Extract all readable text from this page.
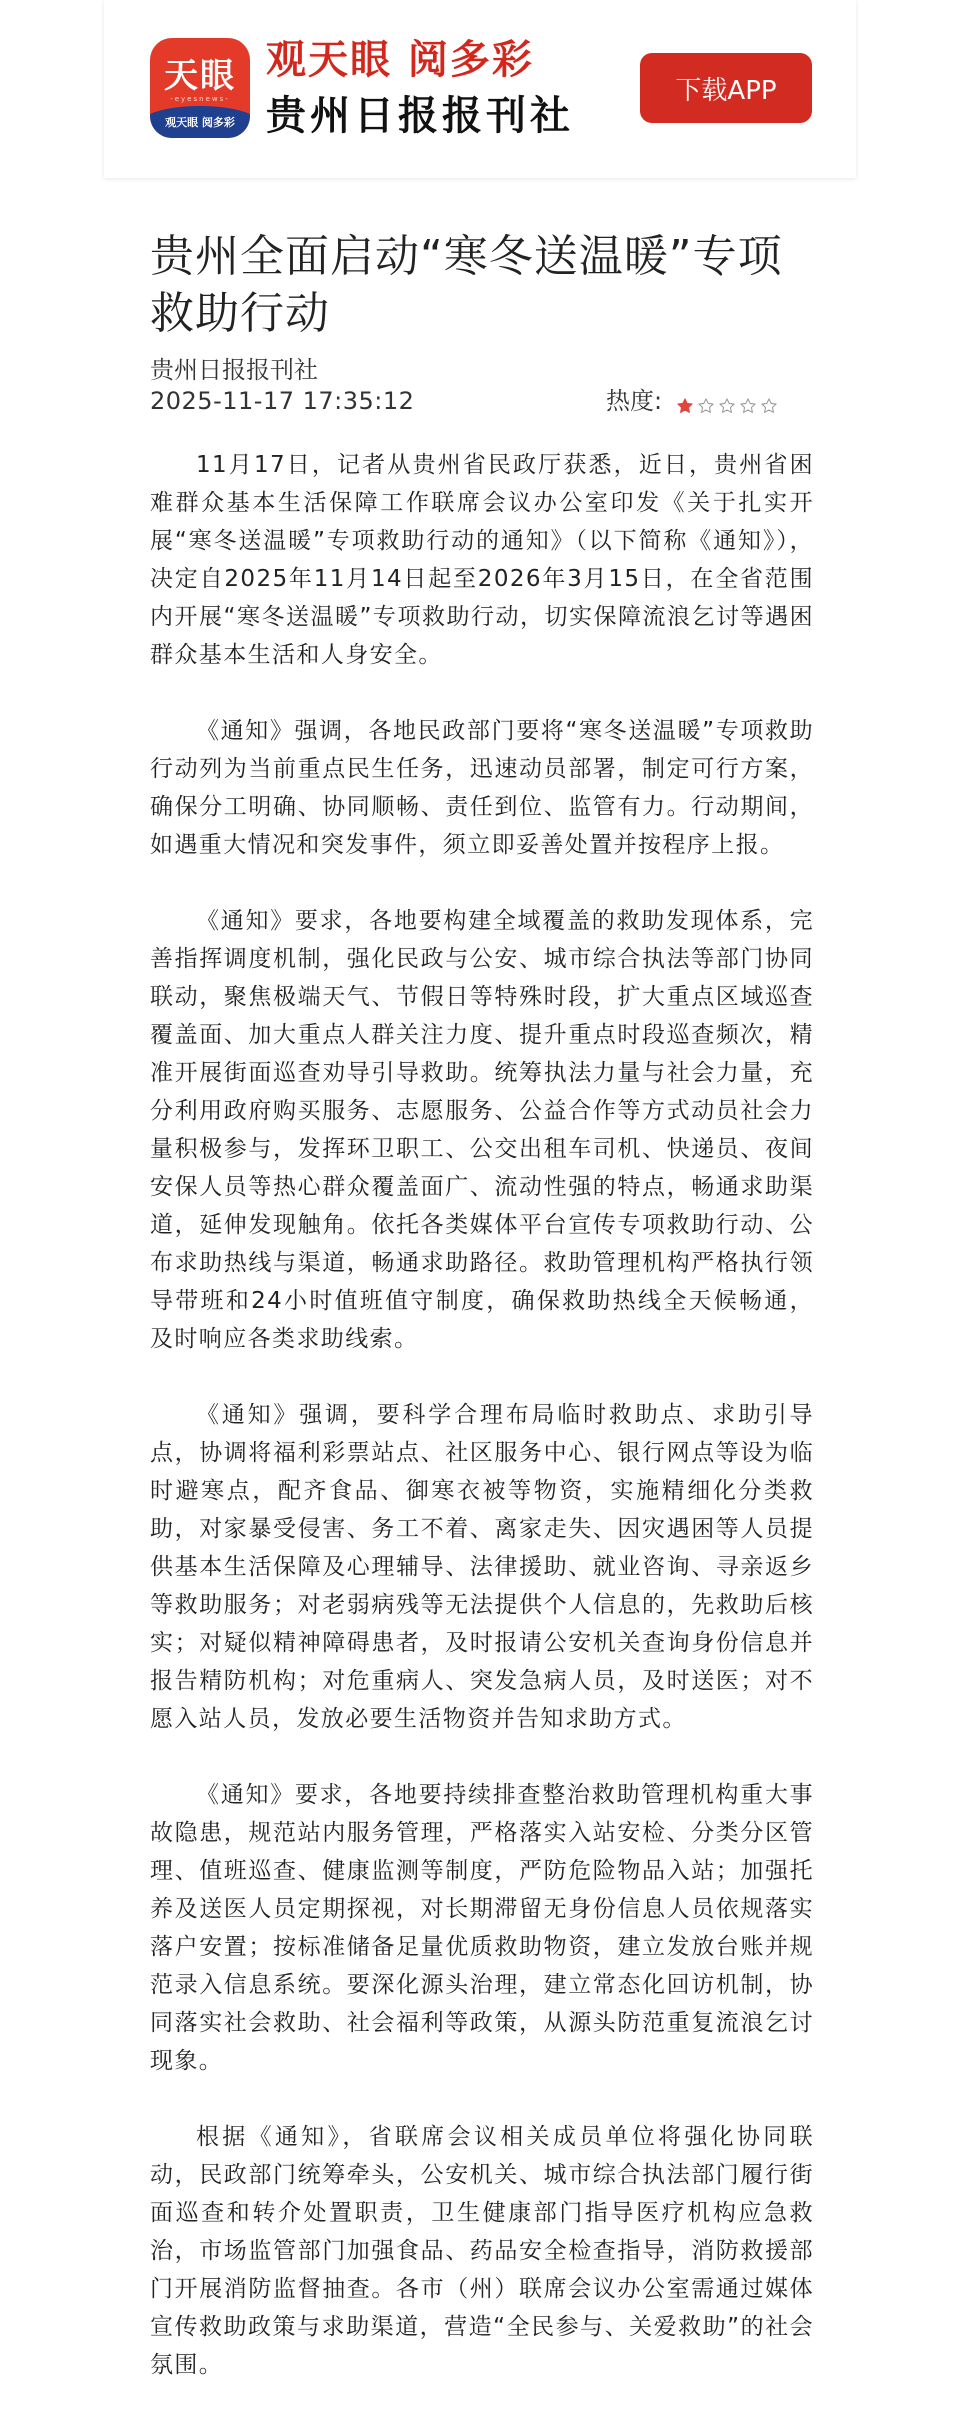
天眼
-eyesnews-
观天眼 阅多彩
观天眼 阅多彩
贵州日报报刊社
下载APP
贵州全面启动“寒冬送温暖”专项救助行动
贵州日报报刊社
2025-11-17 17:35:12	热度:

11月17日，记者从贵州省民政厅获悉，近日，贵州省困难群众基本生活保障工作联席会议办公室印发《关于扎实开展“寒冬送温暖”专项救助行动的通知》（以下简称《通知》），决定自2025年11月14日起至2026年3月15日，在全省范围内开展“寒冬送温暖”专项救助行动，切实保障流浪乞讨等遇困群众基本生活和人身安全。

《通知》强调，各地民政部门要将“寒冬送温暖”专项救助行动列为当前重点民生任务，迅速动员部署，制定可行方案，确保分工明确、协同顺畅、责任到位、监管有力。行动期间，如遇重大情况和突发事件，须立即妥善处置并按程序上报。

《通知》要求，各地要构建全域覆盖的救助发现体系，完善指挥调度机制，强化民政与公安、城市综合执法等部门协同联动，聚焦极端天气、节假日等特殊时段，扩大重点区域巡查覆盖面、加大重点人群关注力度、提升重点时段巡查频次，精准开展街面巡查劝导引导救助。统筹执法力量与社会力量，充分利用政府购买服务、志愿服务、公益合作等方式动员社会力量积极参与，发挥环卫职工、公交出租车司机、快递员、夜间安保人员等热心群众覆盖面广、流动性强的特点，畅通求助渠道，延伸发现触角。依托各类媒体平台宣传专项救助行动、公布求助热线与渠道，畅通求助路径。救助管理机构严格执行领导带班和24小时值班值守制度，确保救助热线全天候畅通，及时响应各类求助线索。

《通知》强调，要科学合理布局临时救助点、求助引导点，协调将福利彩票站点、社区服务中心、银行网点等设为临时避寒点，配齐食品、御寒衣被等物资，实施精细化分类救助，对家暴受侵害、务工不着、离家走失、因灾遇困等人员提供基本生活保障及心理辅导、法律援助、就业咨询、寻亲返乡等救助服务；对老弱病残等无法提供个人信息的，先救助后核实；对疑似精神障碍患者，及时报请公安机关查询身份信息并报告精防机构；对危重病人、突发急病人员，及时送医；对不愿入站人员，发放必要生活物资并告知求助方式。

《通知》要求，各地要持续排查整治救助管理机构重大事故隐患，规范站内服务管理，严格落实入站安检、分类分区管理、值班巡查、健康监测等制度，严防危险物品入站；加强托养及送医人员定期探视，对长期滞留无身份信息人员依规落实落户安置；按标准储备足量优质救助物资，建立发放台账并规范录入信息系统。要深化源头治理，建立常态化回访机制，协同落实社会救助、社会福利等政策，从源头防范重复流浪乞讨现象。

根据《通知》，省联席会议相关成员单位将强化协同联动，民政部门统筹牵头，公安机关、城市综合执法部门履行街面巡查和转介处置职责，卫生健康部门指导医疗机构应急救治，市场监管部门加强食品、药品安全检查指导，消防救援部门开展消防监督抽查。各市（州）联席会议办公室需通过媒体宣传救助政策与求助渠道，营造“全民参与、关爱救助”的社会氛围。
